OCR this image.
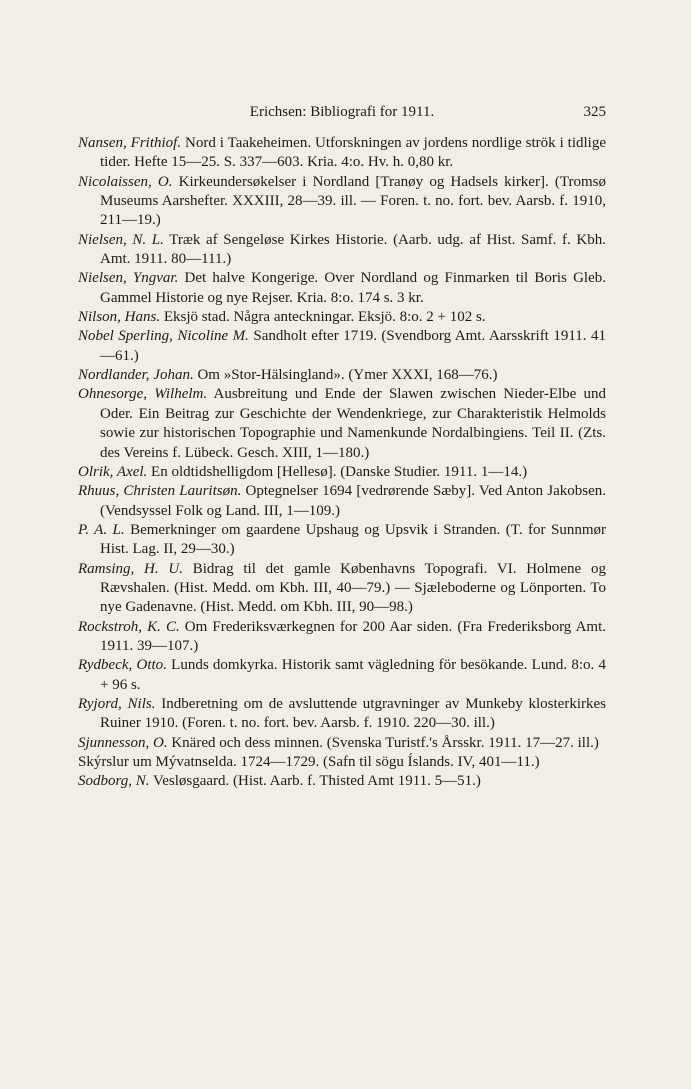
Erichsen: Bibliografi for 1911.	325
Nansen, Frithiof. Nord i Taakeheimen. Utforskningen av jordens nordlige strök i tidlige tider. Hefte 15—25. S. 337—603. Kria. 4:o. Hv. h. 0,80 kr.
Nicolaissen, O. Kirkeundersøkelser i Nordland [Tranøy og Hadsels kirker]. (Tromsø Museums Aarshefter. XXXIII, 28—39. ill. — Foren. t. no. fort. bev. Aarsb. f. 1910, 211—19.)
Nielsen, N. L. Træk af Sengeløse Kirkes Historie. (Aarb. udg. af Hist. Samf. f. Kbh. Amt. 1911. 80—111.)
Nielsen, Yngvar. Det halve Kongerige. Over Nordland og Finmarken til Boris Gleb. Gammel Historie og nye Rejser. Kria. 8:o. 174 s. 3 kr.
Nilson, Hans. Eksjö stad. Några anteckningar. Eksjö. 8:o. 2 + 102 s.
Nobel Sperling, Nicoline M. Sandholt efter 1719. (Svendborg Amt. Aarsskrift 1911. 41—61.)
Nordlander, Johan. Om »Stor-Hälsingland». (Ymer XXXI, 168—76.)
Ohnesorge, Wilhelm. Ausbreitung und Ende der Slawen zwischen Nieder-Elbe und Oder. Ein Beitrag zur Geschichte der Wendenkriege, zur Charakteristik Helmolds sowie zur historischen Topographie und Namenkunde Nordalbingiens. Teil II. (Zts. des Vereins f. Lübeck. Gesch. XIII, 1—180.)
Olrik, Axel. En oldtidshelligdom [Hellesø]. (Danske Studier. 1911. 1—14.)
Rhuus, Christen Lauritsøn. Optegnelser 1694 [vedrørende Sæby]. Ved Anton Jakobsen. (Vendsyssel Folk og Land. III, 1—109.)
P. A. L. Bemerkninger om gaardene Upshaug og Upsvik i Stranden. (T. for Sunnmør Hist. Lag. II, 29—30.)
Ramsing, H. U. Bidrag til det gamle Københavns Topografi. VI. Holmene og Rævshalen. (Hist. Medd. om Kbh. III, 40—79.) — Sjæleboderne og Lönporten. To nye Gadenavne. (Hist. Medd. om Kbh. III, 90—98.)
Rockstroh, K. C. Om Frederiksværkegnen for 200 Aar siden. (Fra Frederiksborg Amt. 1911. 39—107.)
Rydbeck, Otto. Lunds domkyrka. Historik samt vägledning för besökande. Lund. 8:o. 4 + 96 s.
Ryjord, Nils. Indberetning om de avsluttende utgravninger av Munkeby klosterkirkes Ruiner 1910. (Foren. t. no. fort. bev. Aarsb. f. 1910. 220—30. ill.)
Sjunnesson, O. Knäred och dess minnen. (Svenska Turistf.'s Årsskr. 1911. 17—27. ill.)
Skýrslur um Mývatnselda. 1724—1729. (Safn til sögu Íslands. IV, 401—11.)
Sodborg, N. Vesløsgaard. (Hist. Aarb. f. Thisted Amt 1911. 5—51.)
